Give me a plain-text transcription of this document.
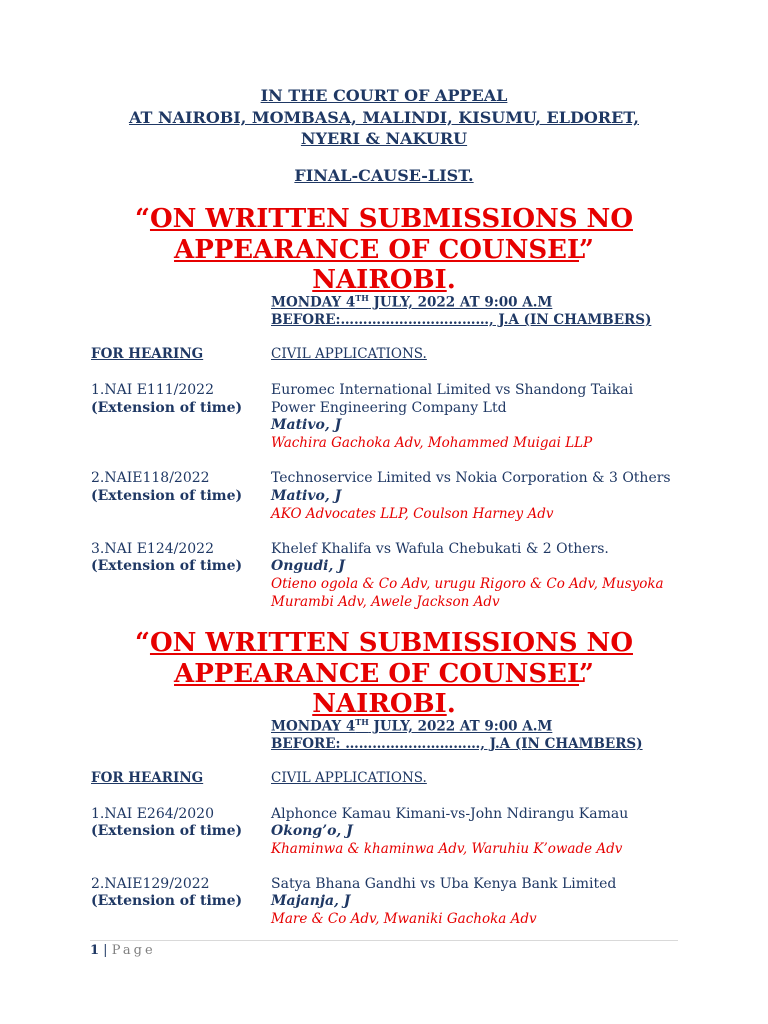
IN THE COURT OF APPEAL
AT NAIROBI, MOMBASA, MALINDI, KISUMU, ELDORET,
NYERI & NAKURU
FINAL-CAUSE-LIST.
“ON WRITTEN SUBMISSIONS NO
APPEARANCE OF COUNSEL”
NAIROBI.
MONDAY 4TH JULY, 2022 AT 9:00 A.M
BEFORE:……………………………, J.A (IN CHAMBERS)
FOR HEARING	CIVIL APPLICATIONS.
1.NAI E111/2022
(Extension of time)
Euromec International Limited vs Shandong Taikai
Power Engineering Company Ltd
Mativo, J
Wachira Gachoka Adv, Mohammed Muigai LLP
2.NAIE118/2022
(Extension of time)
Technoservice Limited vs Nokia Corporation & 3 Others
Mativo, J
AKO Advocates LLP, Coulson Harney Adv
3.NAI E124/2022
(Extension of time)
Khelef Khalifa vs Wafula Chebukati & 2 Others.
Ongudi, J
Otieno ogola & Co Adv, urugu Rigoro & Co Adv, Musyoka
Murambi Adv, Awele Jackson Adv
“ON WRITTEN SUBMISSIONS NO
APPEARANCE OF COUNSEL”
NAIROBI.
MONDAY 4TH JULY, 2022 AT 9:00 A.M
BEFORE: …………………………, J.A (IN CHAMBERS)
FOR HEARING	CIVIL APPLICATIONS.
1.NAI E264/2020
(Extension of time)
Alphonce Kamau Kimani-vs-John Ndirangu Kamau
Okong’o, J
Khaminwa & khaminwa Adv, Waruhiu K’owade Adv
2.NAIE129/2022
(Extension of time)
Satya Bhana Gandhi vs Uba Kenya Bank Limited
Majanja, J
Mare & Co Adv, Mwaniki Gachoka Adv
1 | Page
